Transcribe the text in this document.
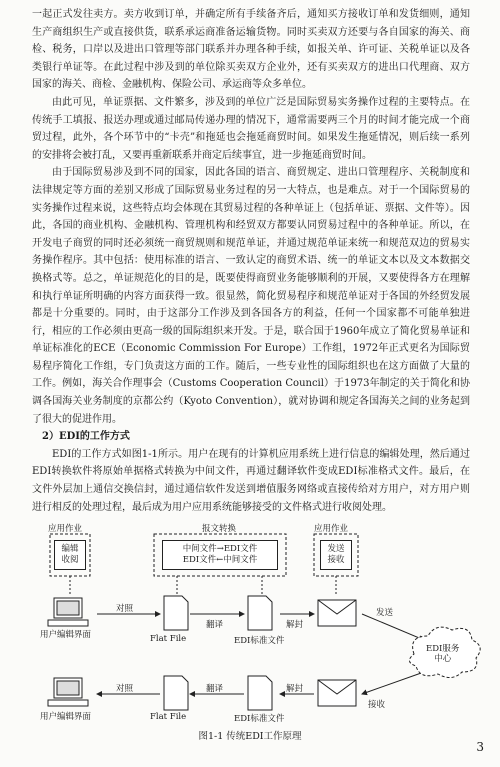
一起正式发往卖方。卖方收到订单，并确定所有手续备齐后，通知买方接收订单和发货细则，通知生产商组织生产或直接供货，联系承运商准备运输货物。同时买卖双方还要与各自国家的海关、商检、税务，口岸以及进出口管理等部门联系并办理各种手续，如报关单、许可证、关税单证以及各类银行单证等。在此过程中涉及到的单位除买卖双方企业外，还有买卖双方的进出口代理商、双方国家的海关、商检、金融机构、保险公司、承运商等众多单位。

由此可见，单证票据、文件繁多，涉及到的单位广泛是国际贸易实务操作过程的主要特点。在传统手工填报、报送办理或通过邮局传递办理的情况下，通常需要两三个月的时间才能完成一个商贸过程，此外，各个环节中的“卡壳”和拖延也会拖延商贸时间。如果发生拖延情况，则后续一系列的安排将会被打乱，又要再重新联系并商定后续事宜，进一步拖延商贸时间。

由于国际贸易涉及到不同的国家，因此各国的语言、商贸规定、进出口管理程序、关税制度和法律规定等方面的差别又形成了国际贸易业务过程的另一大特点，也是难点。对于一个国际贸易的实务操作过程来说，这些特点均会体现在其贸易过程的各种单证上（包括单证、票据、文件等）。因此，各国的商业机构、金融机构、管理机构和经贸双方都要认同贸易过程中的各种单证。所以，在开发电子商贸的同时还必须统一商贸规则和规范单证，并通过规范单证来统一和规范双边的贸易实务操作程序。其中包括：使用标准的语言、一致认定的商贸术语、统一的单证文本以及文本数据交换格式等。总之，单证规范化的目的是，既要使得商贸业务能够顺利的开展，又要使得各方在理解和执行单证所明确的内容方面获得一致。很显然，简化贸易程序和规范单证对于各国的外经贸发展都是十分重要的。同时，由于这部分工作涉及到各国各方的利益，任何一个国家都不可能单独进行，相应的工作必须由更高一级的国际组织来开发。于是，联合国于1960年成立了简化贸易单证和单证标准化的ECE（Economic Commission For Europe）工作组，1972年正式更名为国际贸易程序简化工作组，专门负责这方面的工作。随后，一些专业性的国际组织也在这方面做了大量的工作。例如，海关合作理事会（Customs Cooperation Council）于1973年制定的关于简化和协调各国海关业务制度的京都公约（Kyoto Convention），就对协调和规定各国海关之间的业务起到了很大的促进作用。

2）EDI的工作方式

EDI的工作方式如图1-1所示。用户在现有的计算机应用系统上进行信息的编辑处理，然后通过EDI转换软件将原始单据格式转换为中间文件，再通过翻译软件变成EDI标准格式文件。最后，在文件外层加上通信交换信封，通过通信软件发送到增值服务网络或直接传给对方用户，对方用户则进行相反的处理过程，最后成为用户应用系统能够接受的文件格式进行收阅处理。

应用作业
编辑
收阅
报文转换
中间文件→EDI文件
EDI文件←中间文件
应用作业
发送
接收
用户编辑界面
对照
Flat File
翻译
EDI标准文件
解封
发送
EDI服务
中心
接收
解封
翻译
Flat File	EDI标准文件
对照
用户编辑界面
图1-1 传统EDI工作原理
3
